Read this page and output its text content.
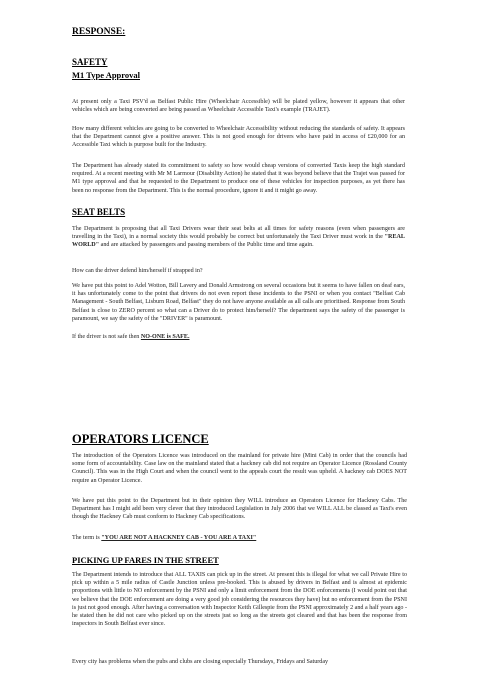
RESPONSE:
SAFETY
M1 Type Approval
At present only a Taxi PSV'd as Belfast Public Hire (Wheelchair Accessible) will be plated yellow, however it appears that other vehicles which are being converted are being passed as Wheelchair Accessible Taxi's example (TRAJET).
How many different vehicles are going to be converted to Wheelchair Accessibility without reducing the standards of safety. It appears that the Department cannot give a positive answer. This is not good enough for drivers who have paid in access of £20,000 for an Accessible Taxi which is purpose built for the Industry.
The Department has already stated its commitment to safety so how would cheap versions of converted Taxis keep the high standard required. At a recent meeting with Mr M Larmour (Disability Action) he stated that it was beyond believe that the Trajet was passed for M1 type approval and that he requested to the Department to produce one of these vehicles for inspection purposes, as yet there has been no response from the Department. This is the normal procedure, ignore it and it might go away.
SEAT BELTS
The Department is proposing that all Taxi Drivers wear their seat belts at all times for safety reasons (even when passengers are travelling in the Taxi), in a normal society this would probably be correct but unfortunately the Taxi Driver must work in the "REAL WORLD" and are attacked by passengers and passing members of the Public time and time again.
How can the driver defend him/herself if strapped in?
We have put this point to Adel Wotton, Bill Lavery and Donald Armstrong on several occasions but it seems to have fallen on deaf ears, it has unfortunately come to the point that drivers do not even report these incidents to the PSNI or when you contact "Belfast Cab Management - South Belfast, Lisburn Road, Belfast" they do not have anyone available as all calls are prioritised. Response from South Belfast is close to ZERO percent so what can a Driver do to protect him/herself? The department says the safety of the passenger is paramount, we say the safety of the "DRIVER" is paramount.
If the driver is not safe then NO-ONE is SAFE.
OPERATORS LICENCE
The introduction of the Operators Licence was introduced on the mainland for private hire (Mini Cab) in order that the councils had some form of accountability. Case law on the mainland stated that a hackney cab did not require an Operator Licence (Rossland County Council). This was in the High Court and when the council went to the appeals court the result was upheld. A hackney cab DOES NOT require an Operator Licence.
We have put this point to the Department but in their opinion they WILL introduce an Operators Licence for Hackney Cabs. The Department has I might add been very clever that they introduced Legislation in July 2006 that we WILL ALL be classed as Taxi's even though the Hackney Cab must conform to Hackney Cab specifications.
The term is "YOU ARE NOT A HACKNEY CAB - YOU ARE A TAXI"
PICKING UP FARES IN THE STREET
The Department intends to introduce that ALL TAXIS can pick up in the street. At present this is illegal for what we call Private Hire to pick up within a 5 mile radius of Castle Junction unless pre-booked. This is abused by drivers in Belfast and is almost at epidemic proportions with little to NO enforcement by the PSNI and only a limit enforcement from the DOE enforcements (I would point out that we believe that the DOE enforcement are doing a very good job considering the resources they have) but no enforcement from the PSNI is just not good enough. After having a conversation with Inspector Keith Gillespie from the PSNI approximately 2 and a half years ago - he stated then he did not care who picked up on the streets just so long as the streets got cleared and that has been the response from inspectors in South Belfast ever since.
Every city has problems when the pubs and clubs are closing especially Thursdays, Fridays and Saturday
